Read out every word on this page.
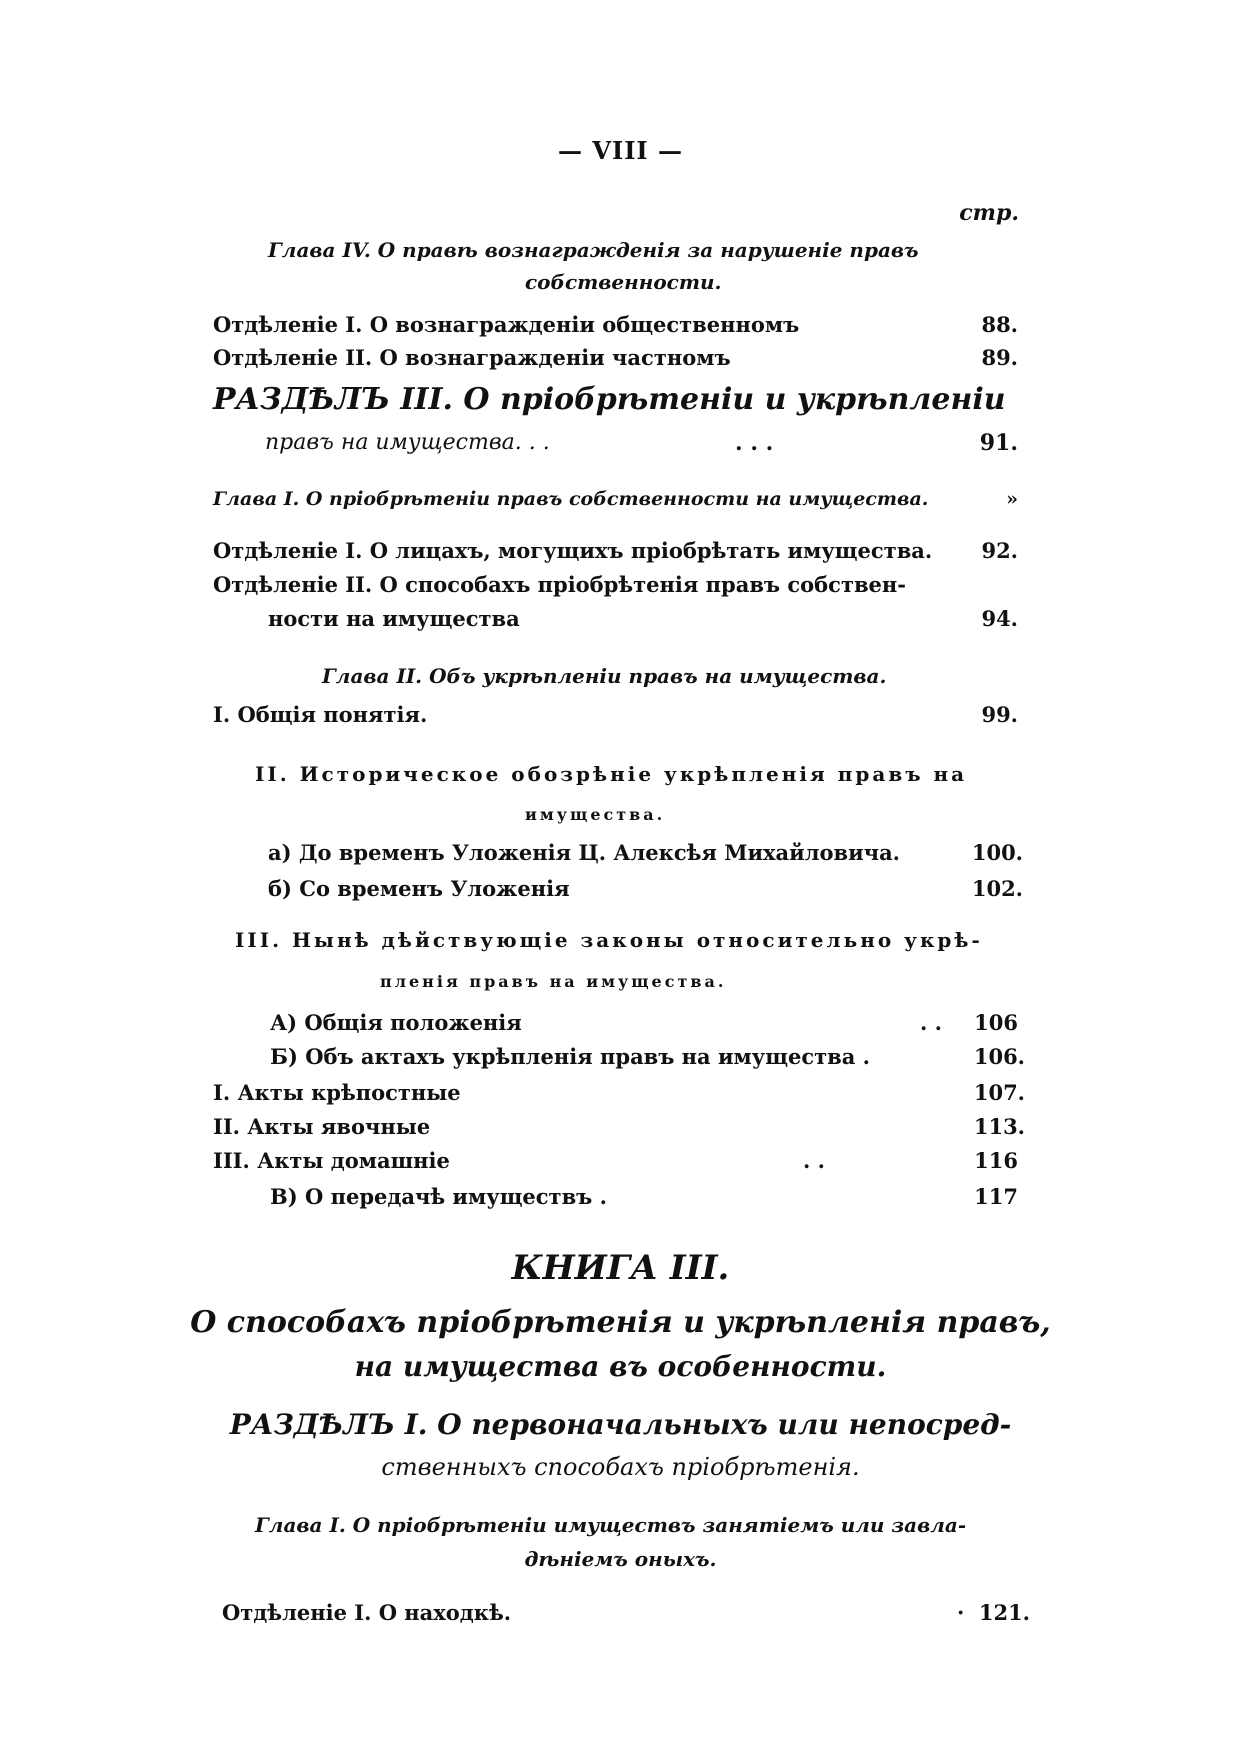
— VIII —
стр.
Глава IV. О правѣ вознагражденія за нарушеніе правъ
собственности.
Отдѣленіе I. О вознагражденіи общественномъ	88.
Отдѣленіе II. О вознагражденіи частномъ	89.
РАЗДѢЛЪ III. О пріобрѣтеніи и укрѣпленіи
правъ на имущества. . .	. . .	91.
Глава I. О пріобрѣтеніи правъ собственности на имущества.	»
Отдѣленіе I. О лицахъ, могущихъ пріобрѣтать имущества. 92.
Отдѣленіе II. О способахъ пріобрѣтенія правъ собствен-
ности на имущества	94.
Глава II. Объ укрѣпленіи правъ на имущества.
I. Общія понятія.	99.
II. Историческое обозрѣніе укрѣпленія правъ на
имущества.
а) До временъ Уложенія Ц. Алексѣя Михайловича.	100.
б) Со временъ Уложенія	102.
III. Нынѣ дѣйствующіе законы относительно укрѣ-
пленія правъ на имущества.
А) Общія положенія	. . 106
Б) Объ актахъ укрѣпленія правъ на имущества .	106.
I. Акты крѣпостные	107.
II. Акты явочные	113.
III. Акты домашніе	. .	116
В) О передачѣ имуществъ .	117
КНИГА III.
О способахъ пріобрѣтенія и укрѣпленія правъ,
на имущества въ особенности.
РАЗДѢЛЪ I. О первоначальныхъ или непосред-
ственныхъ способахъ пріобрѣтенія.
Глава I. О пріобрѣтеніи имуществъ занятіемъ или завла-
дѣніемъ оныхъ.
Отдѣленіе I. О находкѣ.	· 121.
